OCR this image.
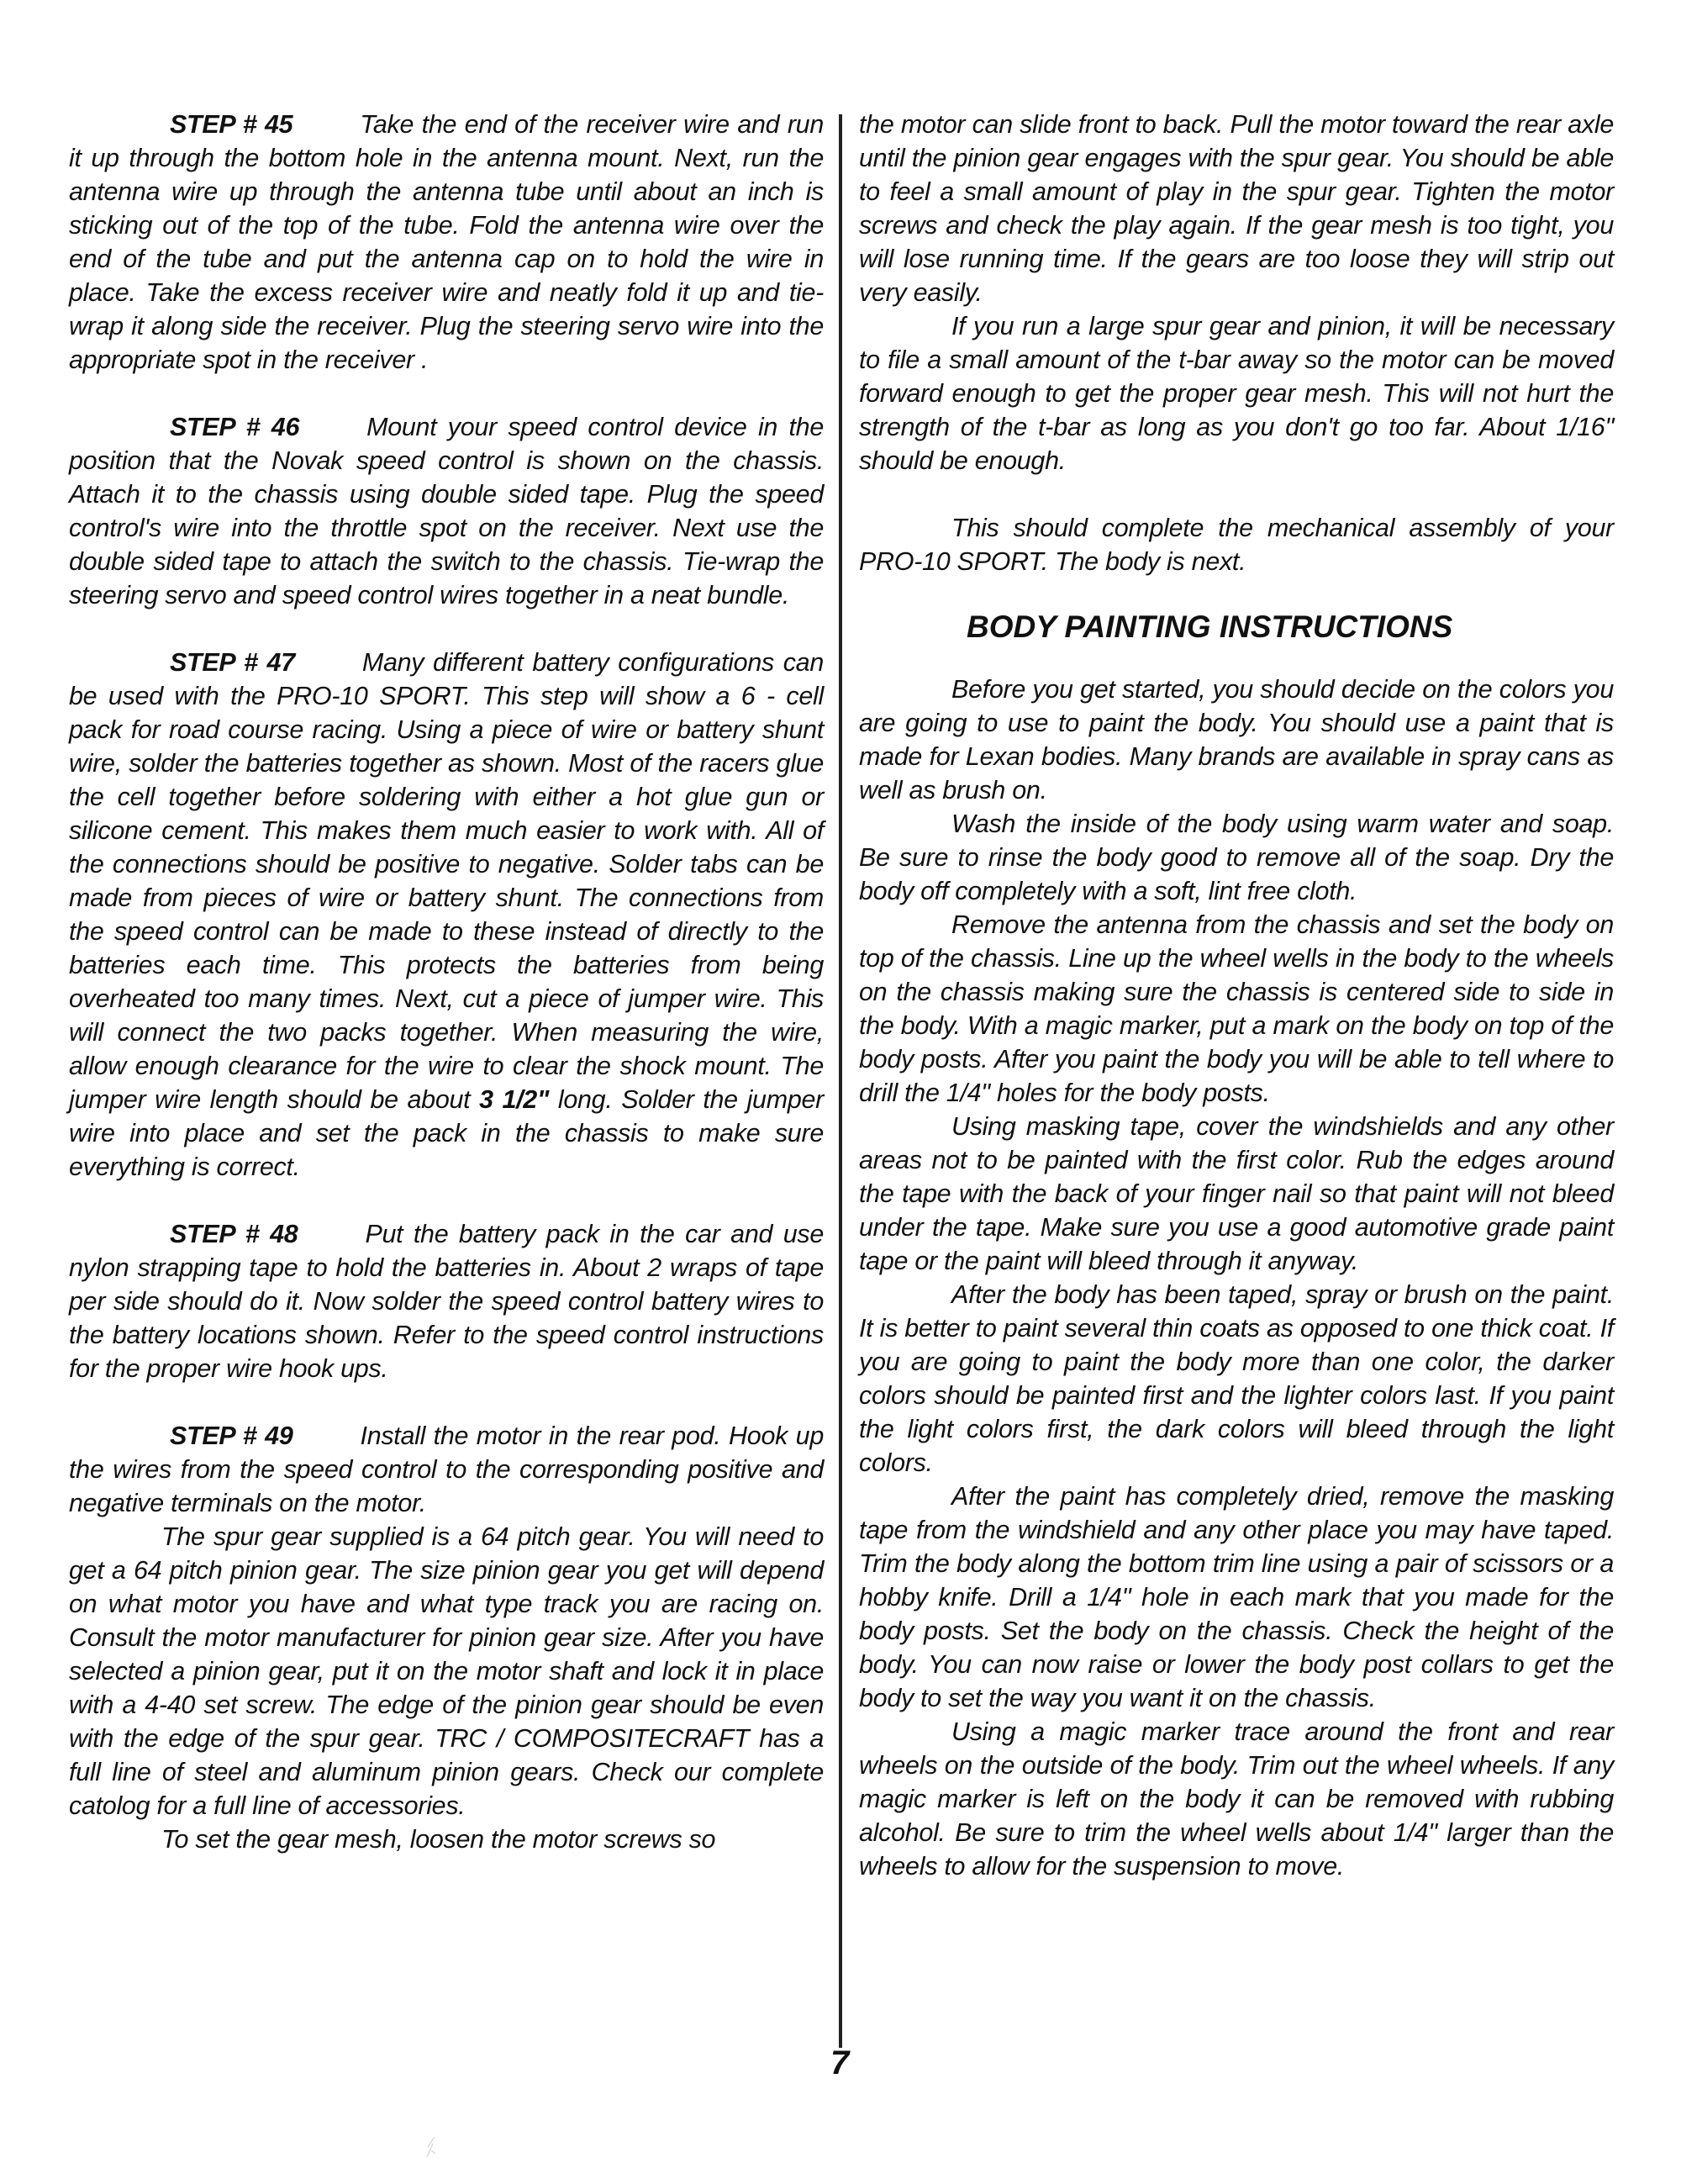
STEP # 45	Take the end of the receiver wire and run it up through the bottom hole in the antenna mount. Next, run the antenna wire up through the antenna tube until about an inch is sticking out of the top of the tube. Fold the antenna wire over the end of the tube and put the antenna cap on to hold the wire in place. Take the excess receiver wire and neatly fold it up and tie-wrap it along side the receiver. Plug the steering servo wire into the appropriate spot in the receiver .

STEP # 46	Mount your speed control device in the position that the Novak speed control is shown on the chassis. Attach it to the chassis using double sided tape. Plug the speed control's wire into the throttle spot on the receiver. Next use the double sided tape to attach the switch to the chassis. Tie-wrap the steering servo and speed control wires together in a neat bundle.

STEP # 47	Many different battery configurations can be used with the PRO-10 SPORT. This step will show a 6 - cell pack for road course racing. Using a piece of wire or battery shunt wire, solder the batteries together as shown. Most of the racers glue the cell together before soldering with either a hot glue gun or silicone cement. This makes them much easier to work with. All of the connections should be positive to negative. Solder tabs can be made from pieces of wire or battery shunt. The connections from the speed control can be made to these instead of directly to the batteries each time. This protects the batteries from being overheated too many times. Next, cut a piece of jumper wire. This will connect the two packs together. When measuring the wire, allow enough clearance for the wire to clear the shock mount. The jumper wire length should be about 3 1/2" long. Solder the jumper wire into place and set the pack in the chassis to make sure everything is correct.

STEP # 48	Put the battery pack in the car and use nylon strapping tape to hold the batteries in. About 2 wraps of tape per side should do it. Now solder the speed control battery wires to the battery locations shown. Refer to the speed control instructions for the proper wire hook ups.

STEP # 49	Install the motor in the rear pod. Hook up the wires from the speed control to the corresponding positive and negative terminals on the motor.

The spur gear supplied is a 64 pitch gear. You will need to get a 64 pitch pinion gear. The size pinion gear you get will depend on what motor you have and what type track you are racing on. Consult the motor manufacturer for pinion gear size. After you have selected a pinion gear, put it on the motor shaft and lock it in place with a 4-40 set screw. The edge of the pinion gear should be even with the edge of the spur gear. TRC / COMPOSITECRAFT has a full line of steel and aluminum pinion gears. Check our complete catolog for a full line of accessories.

To set the gear mesh, loosen the motor screws so

the motor can slide front to back. Pull the motor toward the rear axle until the pinion gear engages with the spur gear. You should be able to feel a small amount of play in the spur gear. Tighten the motor screws and check the play again. If the gear mesh is too tight, you will lose running time. If the gears are too loose they will strip out very easily.

If you run a large spur gear and pinion, it will be necessary to file a small amount of the t-bar away so the motor can be moved forward enough to get the proper gear mesh. This will not hurt the strength of the t-bar as long as you don't go too far. About 1/16" should be enough.

This should complete the mechanical assembly of your PRO-10 SPORT. The body is next.

BODY PAINTING INSTRUCTIONS

Before you get started, you should decide on the colors you are going to use to paint the body. You should use a paint that is made for Lexan bodies. Many brands are available in spray cans as well as brush on.

Wash the inside of the body using warm water and soap. Be sure to rinse the body good to remove all of the soap. Dry the body off completely with a soft, lint free cloth.

Remove the antenna from the chassis and set the body on top of the chassis. Line up the wheel wells in the body to the wheels on the chassis making sure the chassis is centered side to side in the body. With a magic marker, put a mark on the body on top of the body posts. After you paint the body you will be able to tell where to drill the 1/4" holes for the body posts.

Using masking tape, cover the windshields and any other areas not to be painted with the first color. Rub the edges around the tape with the back of your finger nail so that paint will not bleed under the tape. Make sure you use a good automotive grade paint tape or the paint will bleed through it anyway.

After the body has been taped, spray or brush on the paint. It is better to paint several thin coats as opposed to one thick coat. If you are going to paint the body more than one color, the darker colors should be painted first and the lighter colors last. If you paint the light colors first, the dark colors will bleed through the light colors.

After the paint has completely dried, remove the masking tape from the windshield and any other place you may have taped. Trim the body along the bottom trim line using a pair of scissors or a hobby knife. Drill a 1/4" hole in each mark that you made for the body posts. Set the body on the chassis. Check the height of the body. You can now raise or lower the body post collars to get the body to set the way you want it on the chassis.

Using a magic marker trace around the front and rear wheels on the outside of the body. Trim out the wheel wheels. If any magic marker is left on the body it can be removed with rubbing alcohol. Be sure to trim the wheel wells about 1/4" larger than the wheels to allow for the suspension to move.

7
